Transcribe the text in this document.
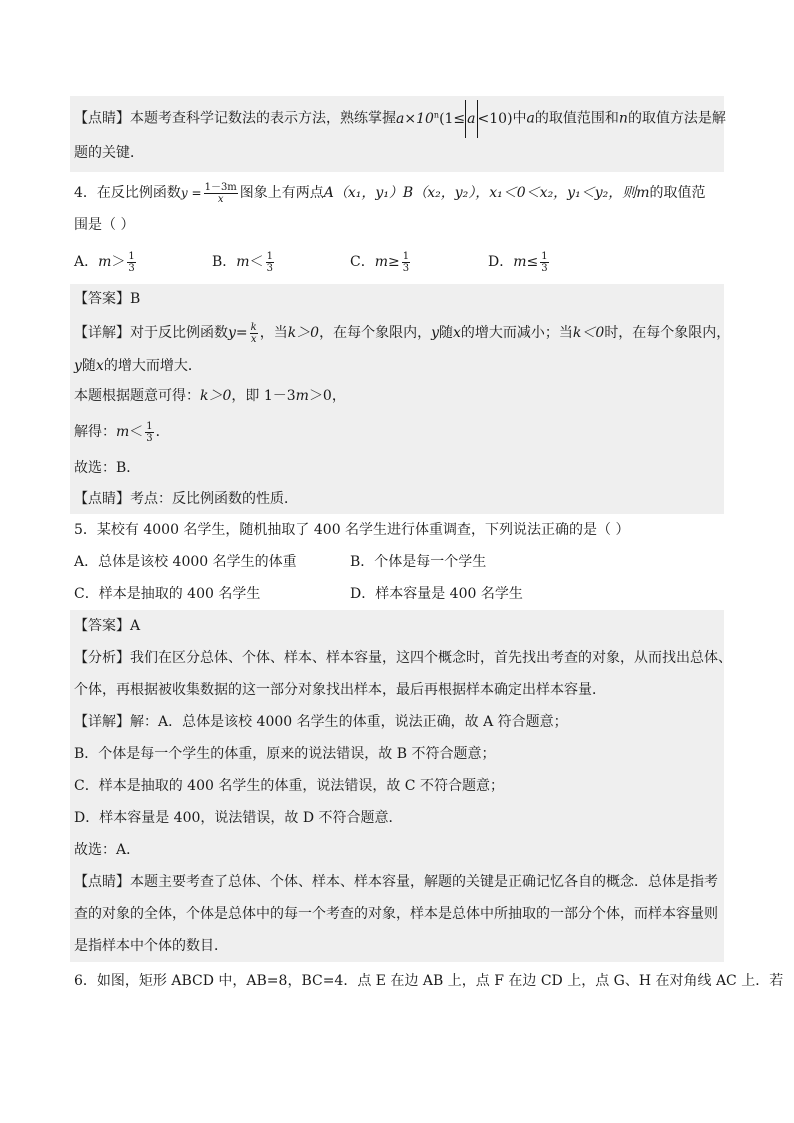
【点睛】本题考查科学记数法的表示方法，熟练掌握$a\times 10^n(1\le a <10)$中a的取值范围和n的取值方法是解
题的关键．
4．在反比例函数$y = \frac{1-3m}{x}$ 图象上有两点A（x₁，y₁）B（x₂，y₂），x₁＜0＜x₂，y₁＜y₂，则m的取值范
围是（ ）
A．$m> \frac{1}{3}$	B．$m< \frac{1}{3}$	C．$m\ge \frac{1}{3}$	D．$m\le \frac{1}{3}$
【答案】B
【详解】对于反比例函数$y= \frac{k}{x}$ ，当k＞0，在每个象限内，y随x的增大而减小；当k＜0时，在每个象限内，
y随x的增大而增大．
本题根据题意可得：k＞0，即 1－3m＞0，
解得：$m< \frac{1}{3}$ ．
故选：B．
【点睛】考点：反比例函数的性质．
5．某校有 4000 名学生，随机抽取了 400 名学生进行体重调查，下列说法正确的是（ ）
A．总体是该校 4000 名学生的体重	B．个体是每一个学生
C．样本是抽取的 400 名学生	D．样本容量是 400 名学生
【答案】A
【分析】我们在区分总体、个体、样本、样本容量，这四个概念时，首先找出考查的对象，从而找出总体、
个体，再根据被收集数据的这一部分对象找出样本，最后再根据样本确定出样本容量．
【详解】解：A．总体是该校 4000 名学生的体重，说法正确，故 A 符合题意；
B．个体是每一个学生的体重，原来的说法错误，故 B 不符合题意；
C．样本是抽取的 400 名学生的体重，说法错误，故 C 不符合题意；
D．样本容量是 400，说法错误，故 D 不符合题意．
故选：A．
【点睛】本题主要考查了总体、个体、样本、样本容量，解题的关键是正确记忆各自的概念．总体是指考
查的对象的全体，个体是总体中的每一个考查的对象，样本是总体中所抽取的一部分个体，而样本容量则
是指样本中个体的数目．
6．如图，矩形 ABCD 中，AB=8，BC=4．点 E 在边 AB 上，点 F 在边 CD 上，点 G、H 在对角线 AC 上．若
